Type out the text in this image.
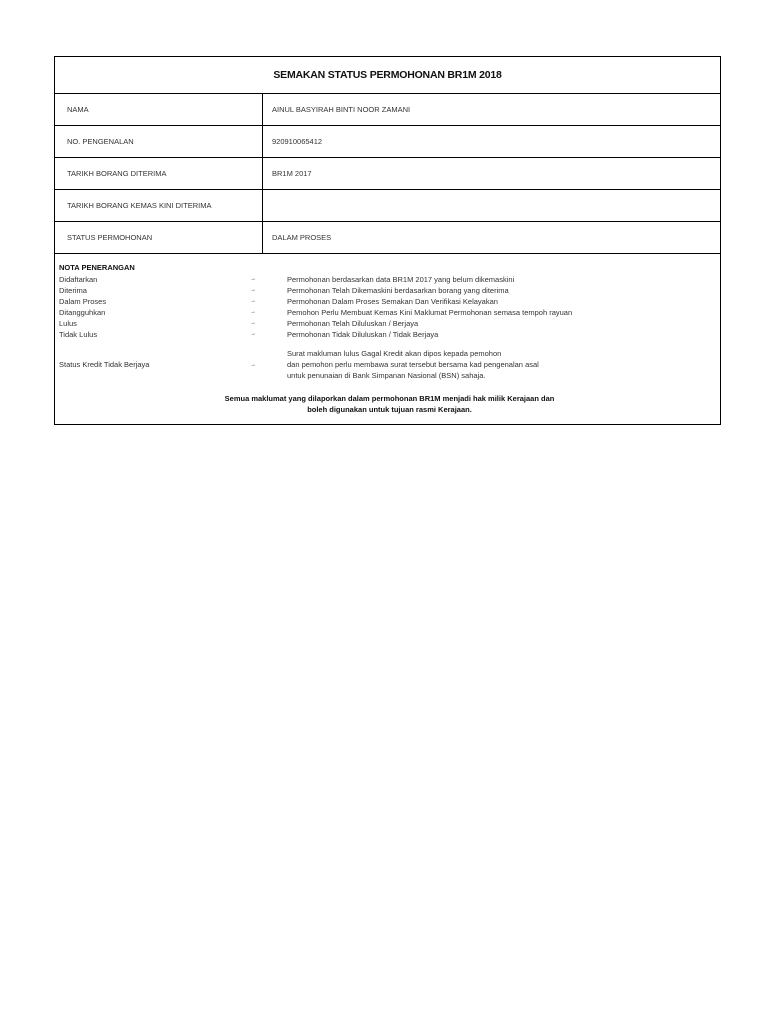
SEMAKAN STATUS PERMOHONAN BR1M 2018
NAMA	AINUL BASYIRAH BINTI NOOR ZAMANI
NO. PENGENALAN	920910065412
TARIKH BORANG DITERIMA	BR1M 2017
TARIKH BORANG KEMAS KINI DITERIMA
STATUS PERMOHONAN	DALAM PROSES
NOTA PENERANGAN
Didaftarkan	→	Permohonan berdasarkan data BR1M 2017 yang belum dikemaskini
Diterima	→	Permohonan Telah Dikemaskini berdasarkan borang yang diterima
Dalam Proses	→	Permohonan Dalam Proses Semakan Dan Verifikasi Kelayakan
Ditangguhkan	→	Pemohon Perlu Membuat Kemas Kini Maklumat Permohonan semasa tempoh rayuan
Lulus	→	Permohonan Telah Diluluskan / Berjaya
Tidak Lulus	→	Permohonan Tidak Diluluskan / Tidak Berjaya
Status Kredit Tidak Berjaya	→
Surat makluman lulus Gagal Kredit akan dipos kepada pemohon
dan pemohon perlu membawa surat tersebut bersama kad pengenalan asal
untuk penunaian di Bank Simpanan Nasional (BSN) sahaja.
Semua maklumat yang dilaporkan dalam permohonan BR1M menjadi hak milik Kerajaan dan
boleh digunakan untuk tujuan rasmi Kerajaan.
